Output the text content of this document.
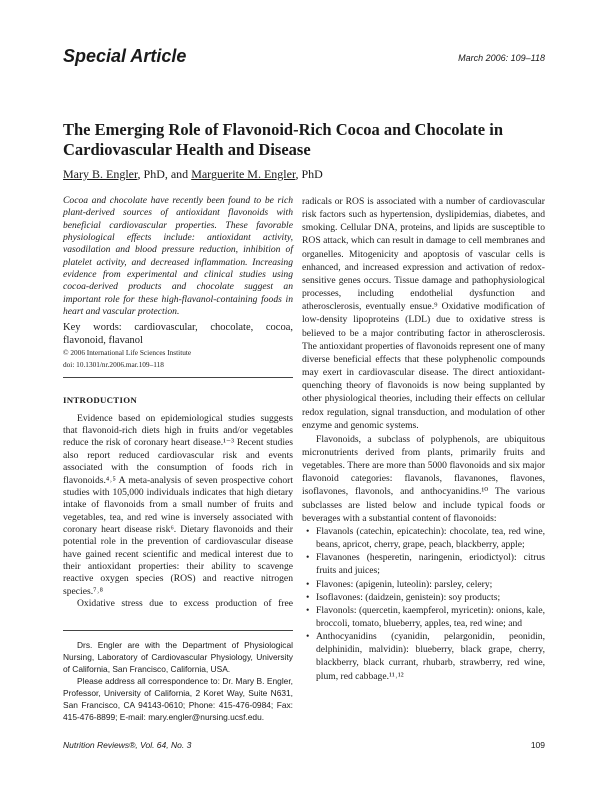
Special Article	March 2006: 109–118
The Emerging Role of Flavonoid-Rich Cocoa and Chocolate in Cardiovascular Health and Disease
Mary B. Engler, PhD, and Marguerite M. Engler, PhD

Cocoa and chocolate have recently been found to be rich plant-derived sources of antioxidant flavonoids with beneficial cardiovascular properties. These favorable physiological effects include: antioxidant activity, vasodilation and blood pressure reduction, inhibition of platelet activity, and decreased inflammation. Increasing evidence from experimental and clinical studies using cocoa-derived products and chocolate suggest an important role for these high-flavanol-containing foods in heart and vascular protection.

Key words: cardiovascular, chocolate, cocoa, flavonoid, flavanol

© 2006 International Life Sciences Institute

doi: 10.1301/nr.2006.mar.109–118

INTRODUCTION

Evidence based on epidemiological studies suggests that flavonoid-rich diets high in fruits and/or vegetables reduce the risk of coronary heart disease.¹⁻³ Recent studies also report reduced cardiovascular risk and events associated with the consumption of foods rich in flavonoids.⁴˒⁵ A meta-analysis of seven prospective cohort studies with 105,000 individuals indicates that high dietary intake of flavonoids from a small number of fruits and vegetables, tea, and red wine is inversely associated with coronary heart disease risk⁶. Dietary flavonoids and their potential role in the prevention of cardiovascular disease have gained recent scientific and medical interest due to their antioxidant properties: their ability to scavenge reactive oxygen species (ROS) and reactive nitrogen species.⁷˒⁸

Oxidative stress due to excess production of free

Drs. Engler are with the Department of Physiological Nursing, Laboratory of Cardiovascular Physiology, University of California, San Francisco, California, USA.

Please address all correspondence to: Dr. Mary B. Engler, Professor, University of California, 2 Koret Way, Suite N631, San Francisco, CA 94143-0610; Phone: 415-476-0984; Fax: 415-476-8899; E-mail: mary.engler@nursing.ucsf.edu.

radicals or ROS is associated with a number of cardiovascular risk factors such as hypertension, dyslipidemias, diabetes, and smoking. Cellular DNA, proteins, and lipids are susceptible to ROS attack, which can result in damage to cell membranes and organelles. Mitogenicity and apoptosis of vascular cells is enhanced, and increased expression and activation of redox-sensitive genes occurs. Tissue damage and pathophysiological processes, including endothelial dysfunction and atherosclerosis, eventually ensue.⁹ Oxidative modification of low-density lipoproteins (LDL) due to oxidative stress is believed to be a major contributing factor in atherosclerosis. The antioxidant properties of flavonoids represent one of many diverse beneficial effects that these polyphenolic compounds may exert in cardiovascular disease. The direct antioxidant-quenching theory of flavonoids is now being supplanted by other physiological theories, including their effects on cellular redox regulation, signal transduction, and modulation of other enzyme and genomic systems.

Flavonoids, a subclass of polyphenols, are ubiquitous micronutrients derived from plants, primarily fruits and vegetables. There are more than 5000 flavonoids and six major flavonoid categories: flavanols, flavanones, flavones, isoflavones, flavonols, and anthocyanidins.¹⁰ The various subclasses are listed below and include typical foods or beverages with a substantial content of flavonoids:

• Flavanols (catechin, epicatechin): chocolate, tea, red wine, beans, apricot, cherry, grape, peach, blackberry, apple;
• Flavanones (hesperetin, naringenin, eriodictyol): citrus fruits and juices;
• Flavones: (apigenin, luteolin): parsley, celery;
• Isoflavones: (daidzein, genistein): soy products;
• Flavonols: (quercetin, kaempferol, myricetin): onions, kale, broccoli, tomato, blueberry, apples, tea, red wine; and
• Anthocyanidins (cyanidin, pelargonidin, peonidin, delphinidin, malvidin): blueberry, black grape, cherry, blackberry, black currant, rhubarb, strawberry, red wine, plum, red cabbage.¹¹˒¹²
Nutrition Reviews®, Vol. 64, No. 3	109
